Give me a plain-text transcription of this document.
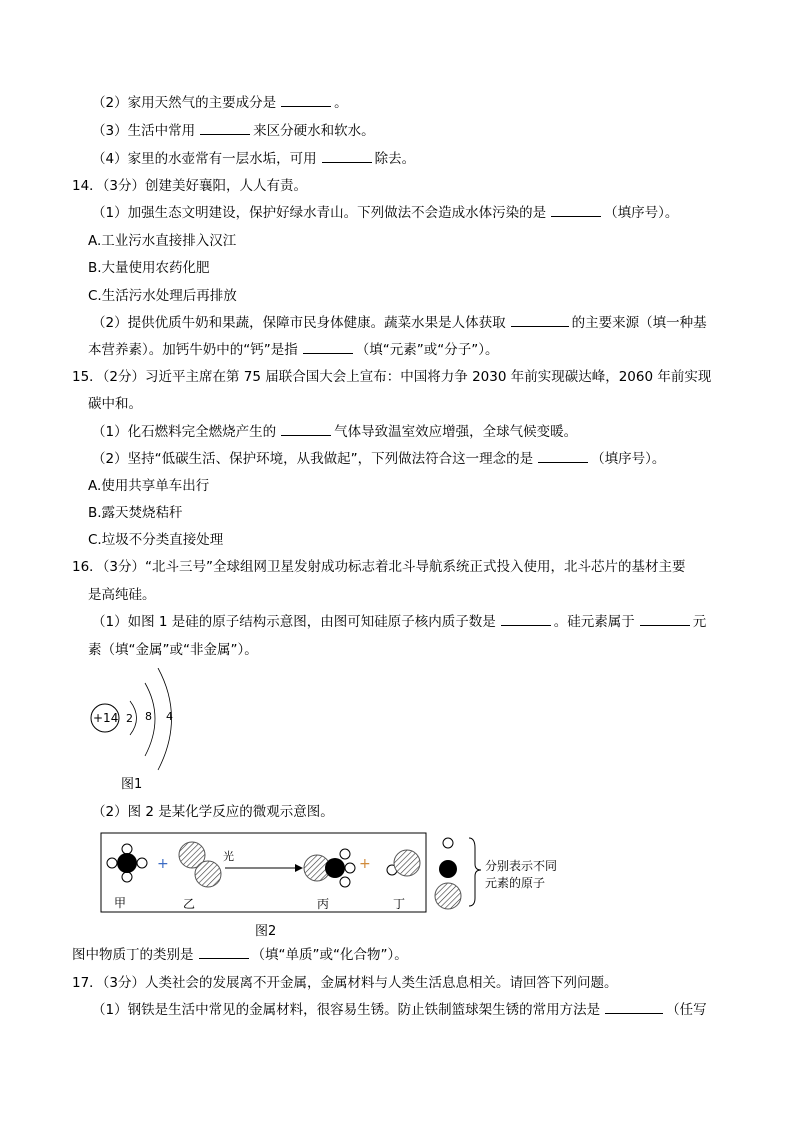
（2）家用天然气的主要成分是	。
（3）生活中常用	来区分硬水和软水。
（4）家里的水壶常有一层水垢，可用	除去。
14．（3分）创建美好襄阳，人人有责。
（1）加强生态文明建设，保护好绿水青山。下列做法不会造成水体污染的是	（填序号）。
A.工业污水直接排入汉江
B.大量使用农药化肥
C.生活污水处理后再排放
（2）提供优质牛奶和果蔬，保障市民身体健康。蔬菜水果是人体获取	的主要来源（填一种基
本营养素）。加钙牛奶中的“钙”是指	（填“元素”或“分子”）。
15．（2分）习近平主席在第 75 届联合国大会上宣布：中国将力争 2030 年前实现碳达峰，2060 年前实现
碳中和。
（1）化石燃料完全燃烧产生的	气体导致温室效应增强，全球气候变暖。
（2）坚持“低碳生活、保护环境，从我做起”，下列做法符合这一理念的是	（填序号）。
A.使用共享单车出行
B.露天焚烧秸秆
C.垃圾不分类直接处理
16．（3分）“北斗三号”全球组网卫星发射成功标志着北斗导航系统正式投入使用，北斗芯片的基材主要
是高纯硅。
（1）如图 1 是硅的原子结构示意图，由图可知硅原子核内质子数是	。硅元素属于	元
素（填“金属”或“非金属”）。
+14 2 8 4
图1
（2）图 2 是某化学反应的微观示意图。
+	光	+
甲	乙	丙	丁
分别表示不同
元素的原子
图2
图中物质丁的类别是	（填“单质”或“化合物”）。
17．（3分）人类社会的发展离不开金属，金属材料与人类生活息息相关。请回答下列问题。
（1）钢铁是生活中常见的金属材料，很容易生锈。防止铁制篮球架生锈的常用方法是	（任写
